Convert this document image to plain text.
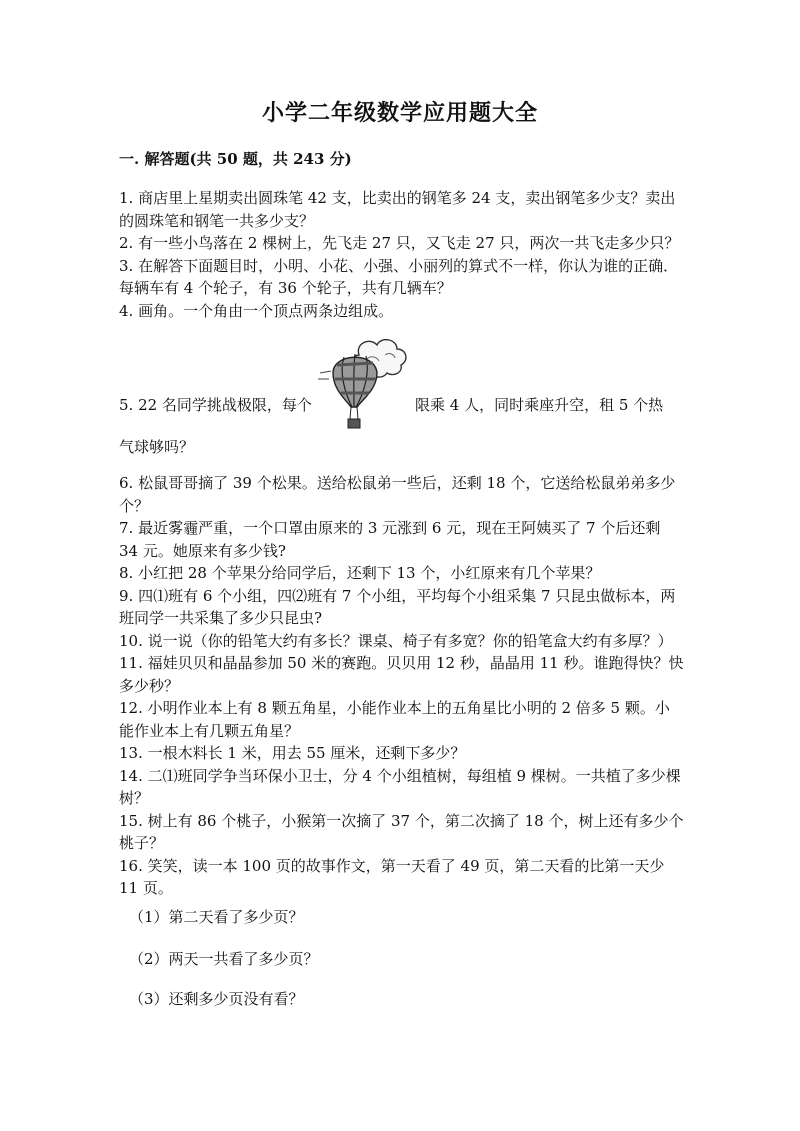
小学二年级数学应用题大全
一. 解答题(共 50 题，共 243 分)

1. 商店里上星期卖出圆珠笔 42 支，比卖出的钢笔多 24 支，卖出钢笔多少支？卖出的圆珠笔和钢笔一共多少支？

2. 有一些小鸟落在 2 棵树上，先飞走 27 只，又飞走 27 只，两次一共飞走多少只？

3. 在解答下面题目时，小明、小花、小强、小丽列的算式不一样，你认为谁的正确．每辆车有 4 个轮子，有 36 个轮子，共有几辆车？

4. 画角。一个角由一个顶点两条边组成。

5. 22 名同学挑战极限，每个	限乘 4 人，同时乘座升空，租 5 个热
气球够吗？

6. 松鼠哥哥摘了 39 个松果。送给松鼠弟一些后，还剩 18 个，它送给松鼠弟弟多少个？

7. 最近雾霾严重，一个口罩由原来的 3 元涨到 6 元，现在王阿姨买了 7 个后还剩 34 元。她原来有多少钱?

8. 小红把 28 个苹果分给同学后，还剩下 13 个，小红原来有几个苹果？

9. 四⑴班有 6 个小组，四⑵班有 7 个小组，平均每个小组采集 7 只昆虫做标本，两班同学一共采集了多少只昆虫?

10. 说一说（你的铅笔大约有多长？课桌、椅子有多宽？你的铅笔盒大约有多厚？）

11. 福娃贝贝和晶晶参加 50 米的赛跑。贝贝用 12 秒，晶晶用 11 秒。谁跑得快？快多少秒？

12. 小明作业本上有 8 颗五角星，小能作业本上的五角星比小明的 2 倍多 5 颗。小能作业本上有几颗五角星？

13. 一根木料长 1 米，用去 55 厘米，还剩下多少？

14. 二⑴班同学争当环保小卫士，分 4 个小组植树，每组植 9 棵树。一共植了多少棵树？

15. 树上有 86 个桃子，小猴第一次摘了 37 个，第二次摘了 18 个，树上还有多少个桃子？

16. 笑笑，读一本 100 页的故事作文，第一天看了 49 页，第二天看的比第一天少 11 页。

（1）第二天看了多少页？
（2）两天一共看了多少页？
（3）还剩多少页没有看？
